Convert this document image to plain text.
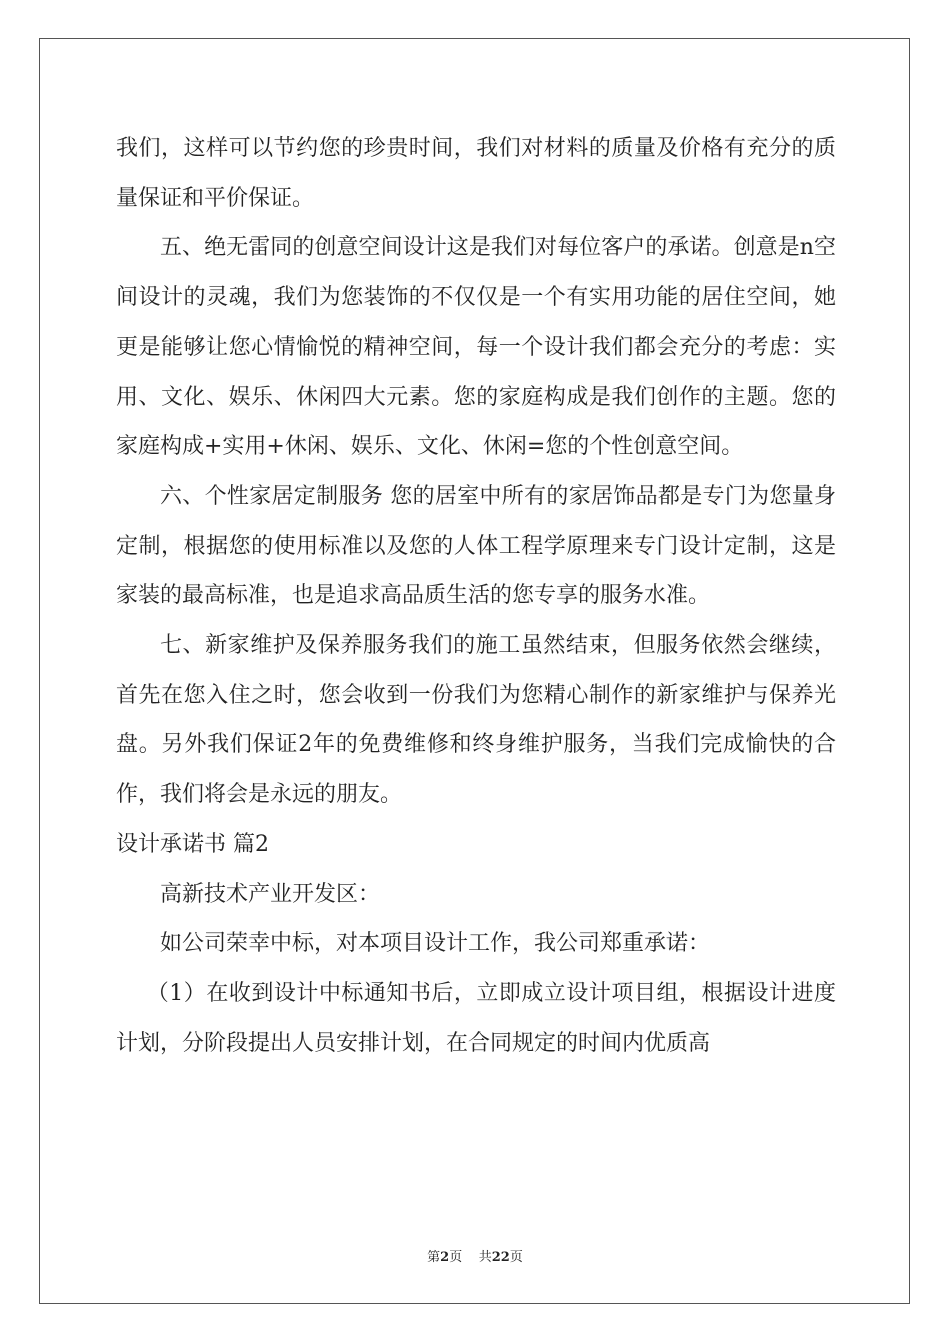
我们，这样可以节约您的珍贵时间，我们对材料的质量及价格有充分的质量保证和平价保证。

五、绝无雷同的创意空间设计这是我们对每位客户的承诺。创意是n空间设计的灵魂，我们为您装饰的不仅仅是一个有实用功能的居住空间，她更是能够让您心情愉悦的精神空间，每一个设计我们都会充分的考虑：实用、文化、娱乐、休闲四大元素。您的家庭构成是我们创作的主题。您的家庭构成+实用+休闲、娱乐、文化、休闲=您的个性创意空间。

六、个性家居定制服务 您的居室中所有的家居饰品都是专门为您量身定制，根据您的使用标准以及您的人体工程学原理来专门设计定制，这是家装的最高标准，也是追求高品质生活的您专享的服务水准。

七、新家维护及保养服务我们的施工虽然结束，但服务依然会继续，首先在您入住之时，您会收到一份我们为您精心制作的新家维护与保养光盘。另外我们保证2年的免费维修和终身维护服务，当我们完成愉快的合作，我们将会是永远的朋友。

设计承诺书 篇2

高新技术产业开发区：

如公司荣幸中标，对本项目设计工作，我公司郑重承诺：

（1）在收到设计中标通知书后，立即成立设计项目组，根据设计进度计划，分阶段提出人员安排计划，在合同规定的时间内优质高

第2页 共22页
